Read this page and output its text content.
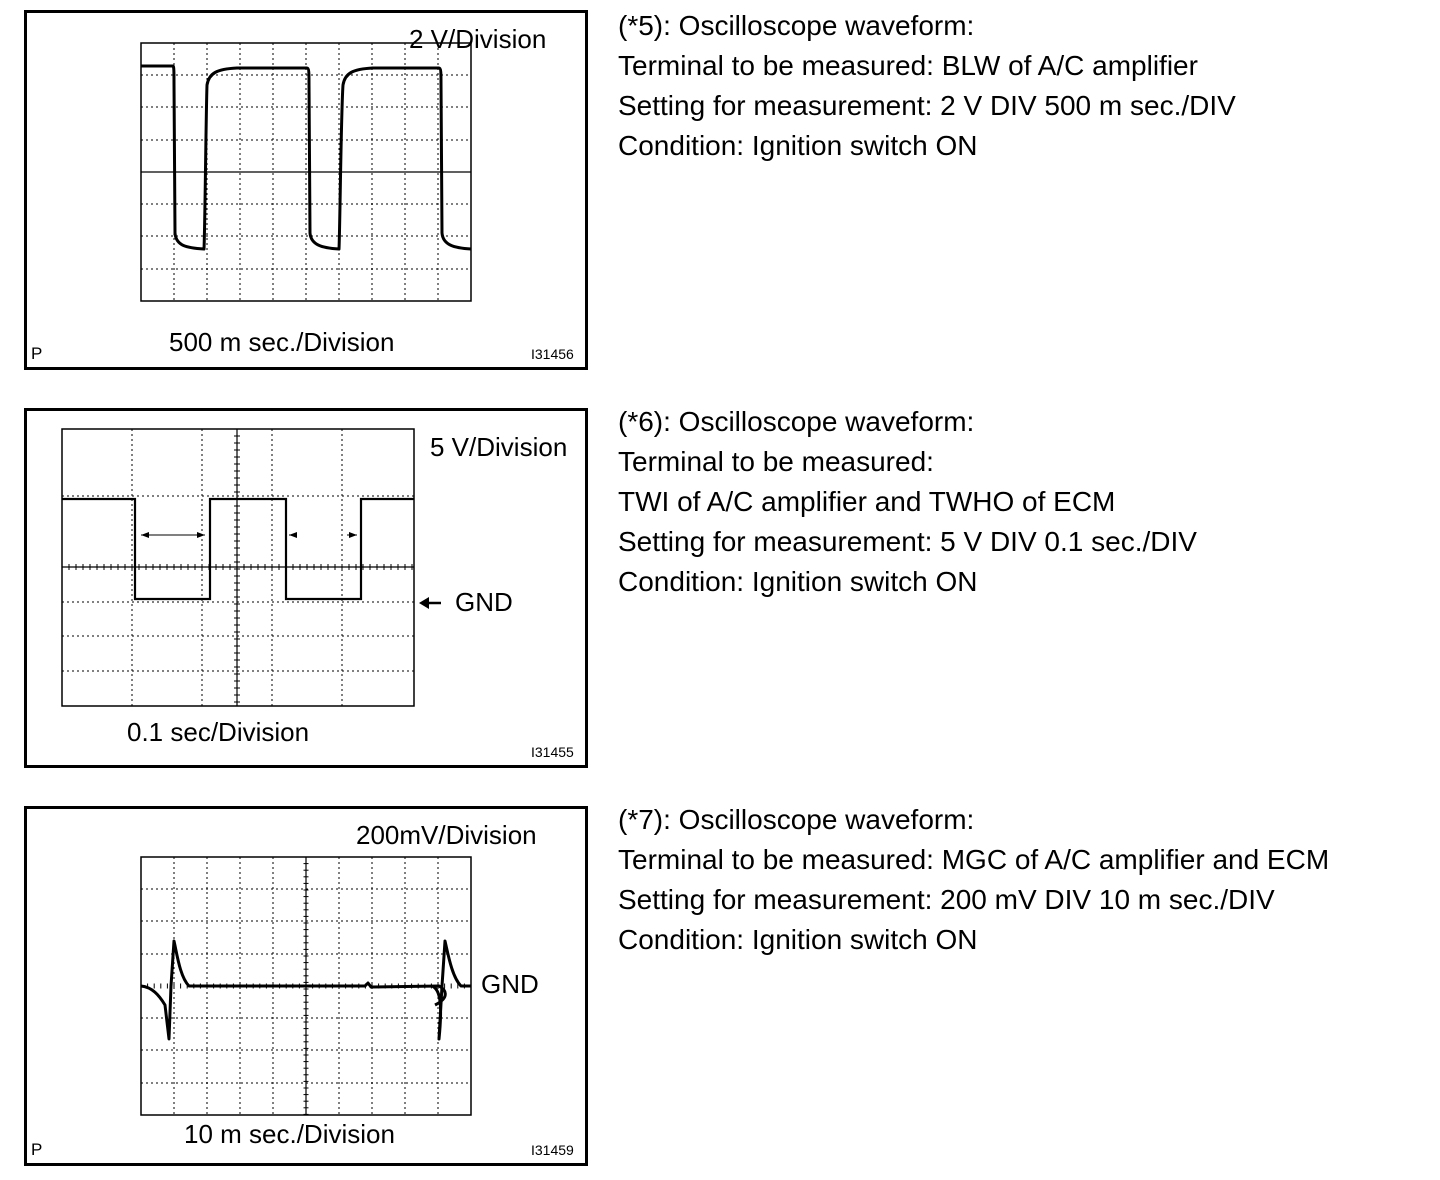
2 V/Division
500 m sec./Division
P	I31456
(*5): Oscilloscope waveform:
Terminal to be measured: BLW of A/C amplifier
Setting for measurement: 2 V DIV 500 m sec./DIV
Condition: Ignition switch ON
5 V/Division
GND
0.1 sec/Division
I31455
(*6): Oscilloscope waveform:
Terminal to be measured:
TWI of A/C amplifier and TWHO of ECM
Setting for measurement: 5 V DIV 0.1 sec./DIV
Condition: Ignition switch ON
200mV/Division
GND
10 m sec./Division
P	I31459
(*7): Oscilloscope waveform:
Terminal to be measured: MGC of A/C amplifier and ECM
Setting for measurement: 200 mV DIV 10 m sec./DIV
Condition: Ignition switch ON
